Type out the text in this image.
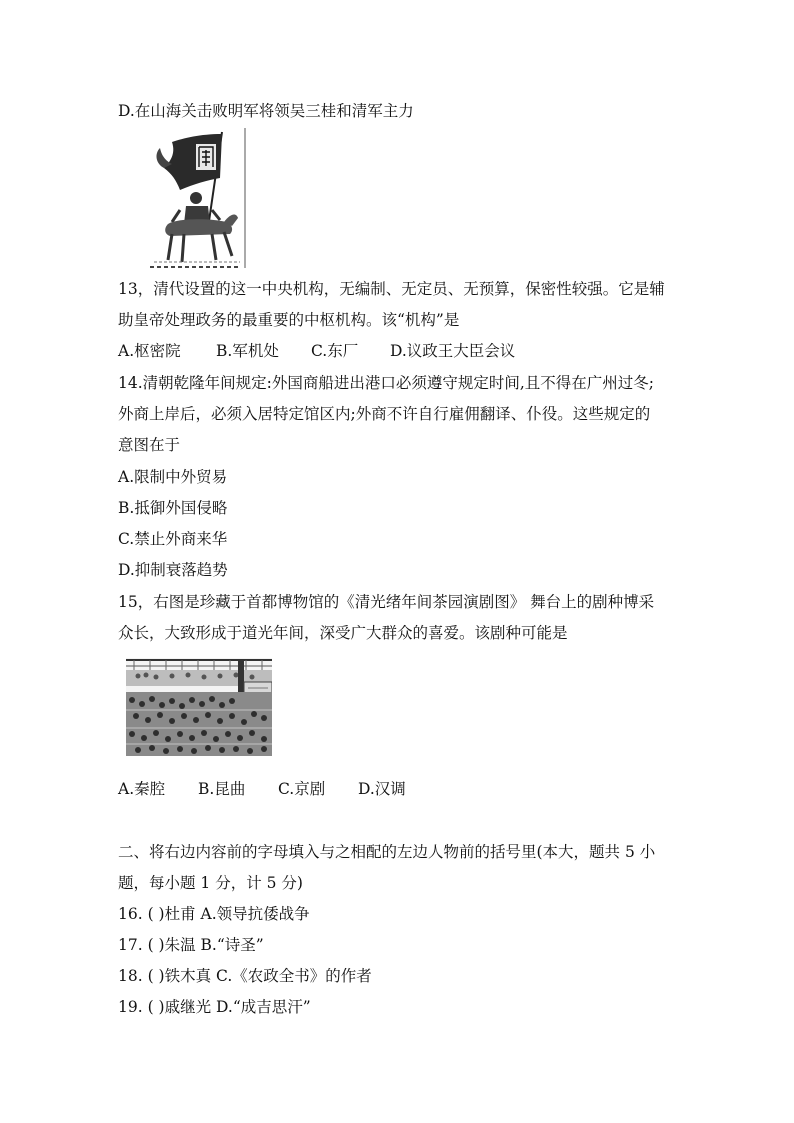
D.在山海关击败明军将领吴三桂和清军主力
13，清代设置的这一中央机构，无编制、无定员、无预算，保密性较强。它是辅
助皇帝处理政务的最重要的中枢机构。该“机构”是
A.枢密院 B.军机处 C.东厂 D.议政王大臣会议
14.清朝乾隆年间规定:外国商船进出港口必须遵守规定时间,且不得在广州过冬;
外商上岸后，必须入居特定馆区内;外商不许自行雇佣翻译、仆役。这些规定的
意图在于
A.限制中外贸易
B.抵御外国侵略
C.禁止外商来华
D.抑制衰落趋势
15，右图是珍藏于首都博物馆的《清光绪年间茶园演剧图》 舞台上的剧种博采
众长，大致形成于道光年间，深受广大群众的喜爱。该剧种可能是
A.秦腔 B.昆曲 C.京剧 D.汉调
二、将右边内容前的字母填入与之相配的左边人物前的括号里(本大，题共 5 小
题，每小题 1 分，计 5 分)
16. ( )杜甫 A.领导抗倭战争
17. ( )朱温 B.“诗圣”
18. ( )铁木真 C.《农政全书》的作者
19. ( )戚继光 D.“成吉思汗”
